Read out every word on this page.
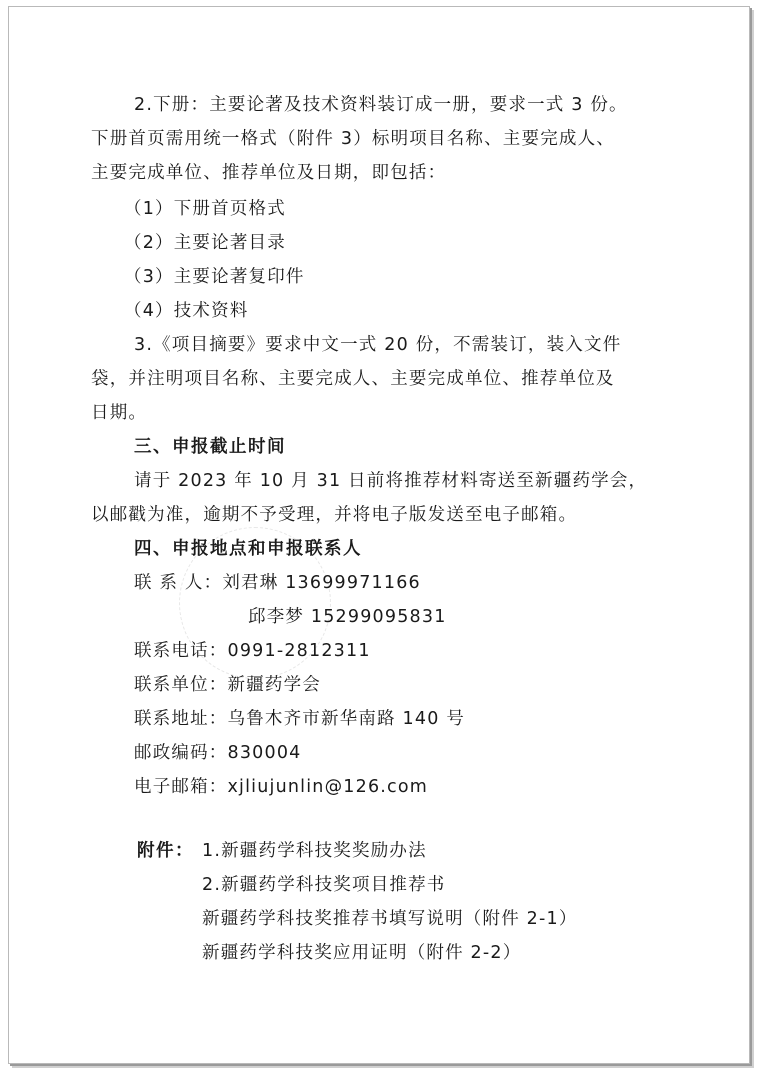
2.下册：主要论著及技术资料装订成一册，要求一式 3 份。
下册首页需用统一格式（附件 3）标明项目名称、主要完成人、
主要完成单位、推荐单位及日期，即包括：
（1）下册首页格式
（2）主要论著目录
（3）主要论著复印件
（4）技术资料
3.《项目摘要》要求中文一式 20 份，不需装订，装入文件
袋，并注明项目名称、主要完成人、主要完成单位、推荐单位及
日期。
三、申报截止时间
请于 2023 年 10 月 31 日前将推荐材料寄送至新疆药学会，
以邮戳为准，逾期不予受理，并将电子版发送至电子邮箱。
四、申报地点和申报联系人
联 系 人：刘君琳 13699971166
邱李梦 15299095831
联系电话：0991-2812311
联系单位：新疆药学会
联系地址：乌鲁木齐市新华南路 140 号
邮政编码：830004
电子邮箱：xjliujunlin@126.com
附件： 1.新疆药学科技奖奖励办法
2.新疆药学科技奖项目推荐书
新疆药学科技奖推荐书填写说明（附件 2-1）
新疆药学科技奖应用证明（附件 2-2）
